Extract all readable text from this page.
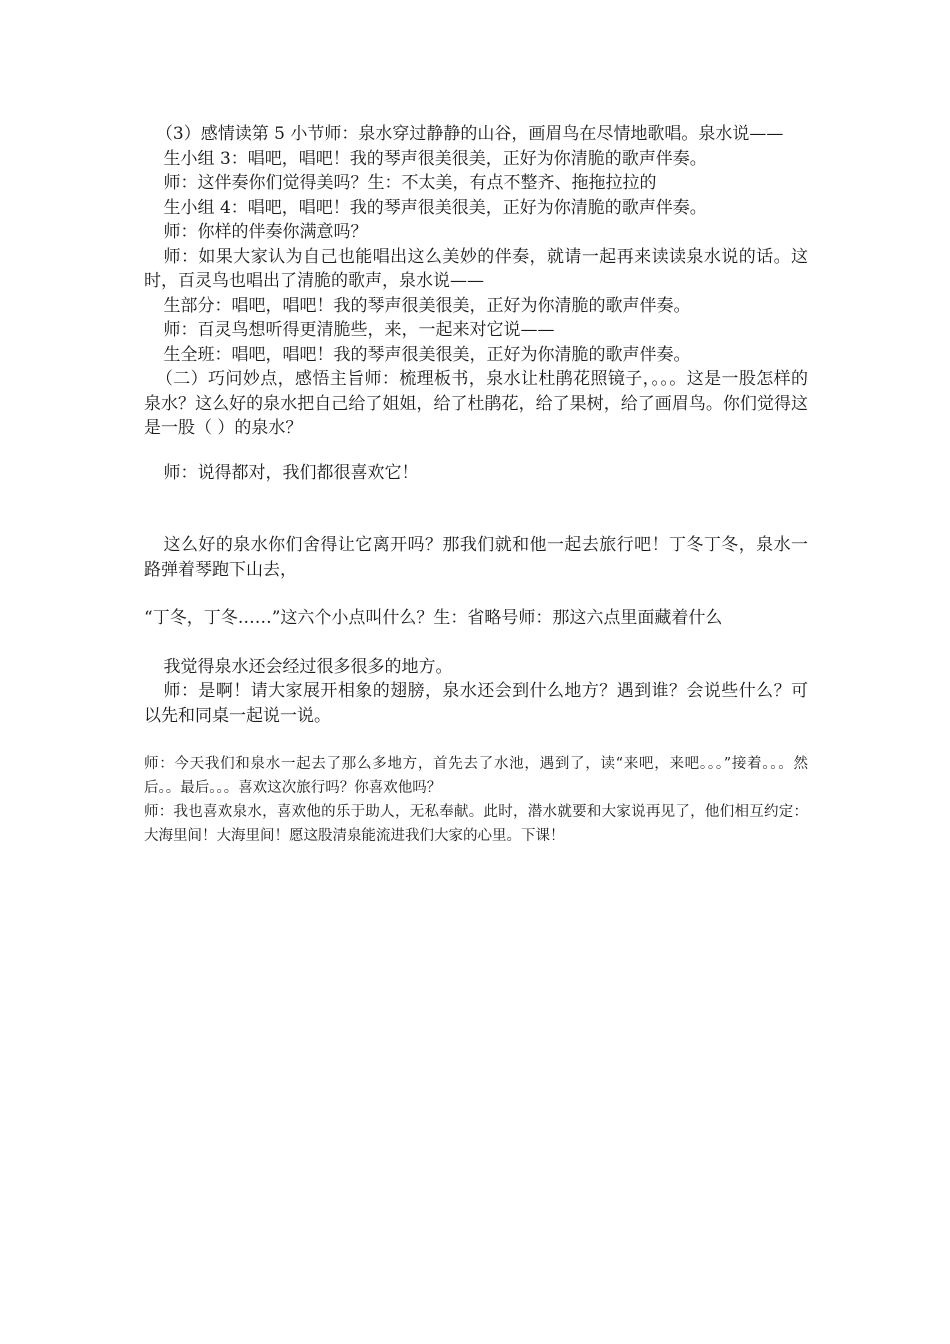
（3）感情读第 5 小节师：泉水穿过静静的山谷，画眉鸟在尽情地歌唱。泉水说——

生小组 3：唱吧，唱吧！我的琴声很美很美，正好为你清脆的歌声伴奏。

师：这伴奏你们觉得美吗？生：不太美，有点不整齐、拖拖拉拉的

生小组 4：唱吧，唱吧！我的琴声很美很美，正好为你清脆的歌声伴奏。

师：你样的伴奏你满意吗？

师：如果大家认为自己也能唱出这么美妙的伴奏，就请一起再来读读泉水说的话。这时，百灵鸟也唱出了清脆的歌声，泉水说——

生部分：唱吧，唱吧！我的琴声很美很美，正好为你清脆的歌声伴奏。

师：百灵鸟想听得更清脆些，来，一起来对它说——

生全班：唱吧，唱吧！我的琴声很美很美，正好为你清脆的歌声伴奏。

（二）巧问妙点，感悟主旨师：梳理板书，泉水让杜鹃花照镜子，。。。这是一股怎样的泉水？这么好的泉水把自己给了姐姐，给了杜鹃花，给了果树，给了画眉鸟。你们觉得这是一股（ ）的泉水？

师：说得都对，我们都很喜欢它！

这么好的泉水你们舍得让它离开吗？那我们就和他一起去旅行吧！丁冬丁冬，泉水一路弹着琴跑下山去，

“丁冬，丁冬……”这六个小点叫什么？生：省略号师：那这六点里面藏着什么

我觉得泉水还会经过很多很多的地方。

师：是啊！请大家展开相象的翅膀，泉水还会到什么地方？遇到谁？会说些什么？可以先和同桌一起说一说。

师：今天我们和泉水一起去了那么多地方，首先去了水池，遇到了，读“来吧，来吧。。。”接着。。。然后。。最后。。。喜欢这次旅行吗？你喜欢他吗？

师：我也喜欢泉水，喜欢他的乐于助人，无私奉献。此时，潜水就要和大家说再见了，他们相互约定：大海里间！大海里间！愿这股清泉能流进我们大家的心里。下课！
